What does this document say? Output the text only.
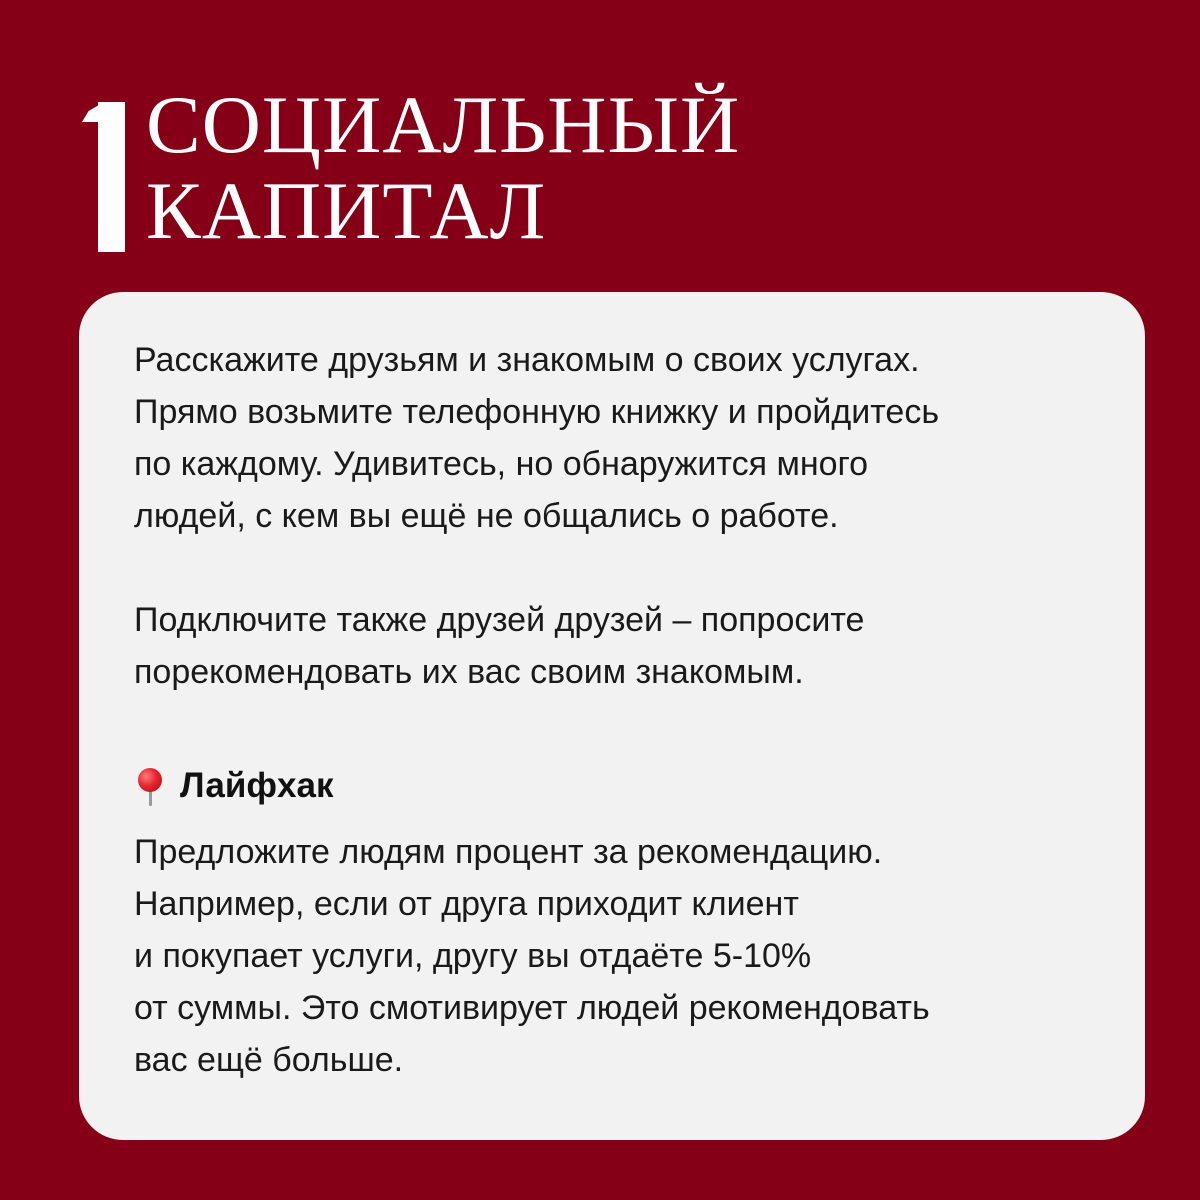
СОЦИАЛЬНЫЙ
КАПИТАЛ

Расскажите друзьям и знакомым о своих услугах.
Прямо возьмите телефонную книжку и пройдитесь
по каждому. Удивитесь, но обнаружится много
людей, с кем вы ещё не общались о работе.

Подключите также друзей друзей – попросите
порекомендовать их вас своим знакомым.

Лайфхак

Предложите людям процент за рекомендацию.
Например, если от друга приходит клиент
и покупает услуги, другу вы отдаёте 5-10%
от суммы. Это смотивирует людей рекомендовать
вас ещё больше.
